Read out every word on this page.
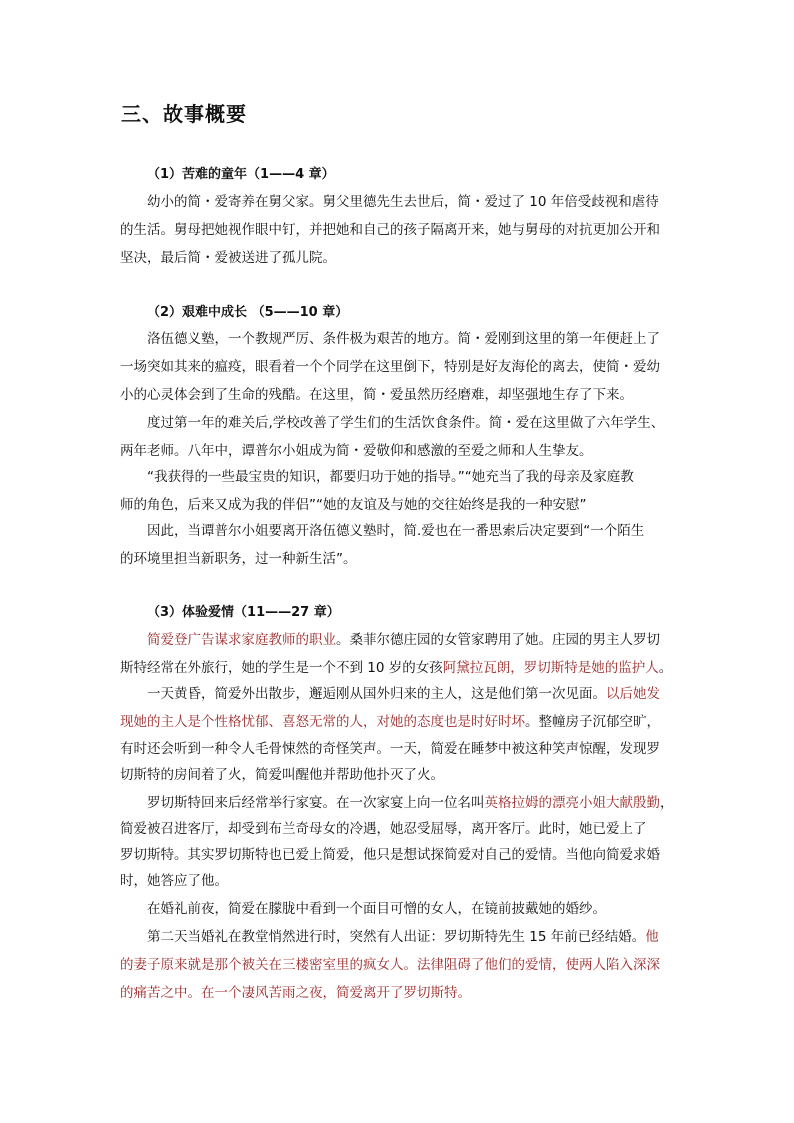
三、故事概要
（1）苦难的童年（1——4 章）
幼小的简・爱寄养在舅父家。舅父里德先生去世后，简・爱过了 10 年倍受歧视和虐待
的生活。舅母把她视作眼中钉，并把她和自己的孩子隔离开来，她与舅母的对抗更加公开和
坚决，最后简・爱被送进了孤儿院。
（2）艰难中成长 （5——10 章）
洛伍德义塾，一个教规严厉、条件极为艰苦的地方。简・爱刚到这里的第一年便赶上了
一场突如其来的瘟疫，眼看着一个个同学在这里倒下，特别是好友海伦的离去，使简・爱幼
小的心灵体会到了生命的残酷。在这里，简・爱虽然历经磨难，却坚强地生存了下来。
度过第一年的难关后,学校改善了学生们的生活饮食条件。简・爱在这里做了六年学生、
两年老师。八年中，谭普尔小姐成为简・爱敬仰和感激的至爱之师和人生挚友。
“我获得的一些最宝贵的知识，都要归功于她的指导。”“她充当了我的母亲及家庭教
师的角色，后来又成为我的伴侣”“她的友谊及与她的交往始终是我的一种安慰”
因此，当谭普尔小姐要离开洛伍德义塾时，简.爱也在一番思索后决定要到“一个陌生
的环境里担当新职务，过一种新生活”。
（3）体验爱情（11——27 章）
简爱登广告谋求家庭教师的职业。桑菲尔德庄园的女管家聘用了她。庄园的男主人罗切
斯特经常在外旅行，她的学生是一个不到 10 岁的女孩阿黛拉瓦朗，罗切斯特是她的监护人。
一天黄昏，简爱外出散步，邂逅刚从国外归来的主人，这是他们第一次见面。以后她发
现她的主人是个性格忧郁、喜怒无常的人，对她的态度也是时好时坏。整幢房子沉郁空旷，
有时还会听到一种令人毛骨悚然的奇怪笑声。一天，简爱在睡梦中被这种笑声惊醒，发现罗
切斯特的房间着了火，简爱叫醒他并帮助他扑灭了火。
罗切斯特回来后经常举行家宴。在一次家宴上向一位名叫英格拉姆的漂亮小姐大献殷勤，
简爱被召进客厅，却受到布兰奇母女的冷遇，她忍受屈辱，离开客厅。此时，她已爱上了
罗切斯特。其实罗切斯特也已爱上简爱，他只是想试探简爱对自己的爱情。当他向简爱求婚
时，她答应了他。
在婚礼前夜，简爱在朦胧中看到一个面目可憎的女人，在镜前披戴她的婚纱。
第二天当婚礼在教堂悄然进行时，突然有人出证：罗切斯特先生 15 年前已经结婚。他
的妻子原来就是那个被关在三楼密室里的疯女人。法律阻碍了他们的爱情，使两人陷入深深
的痛苦之中。在一个凄风苦雨之夜，简爱离开了罗切斯特。
